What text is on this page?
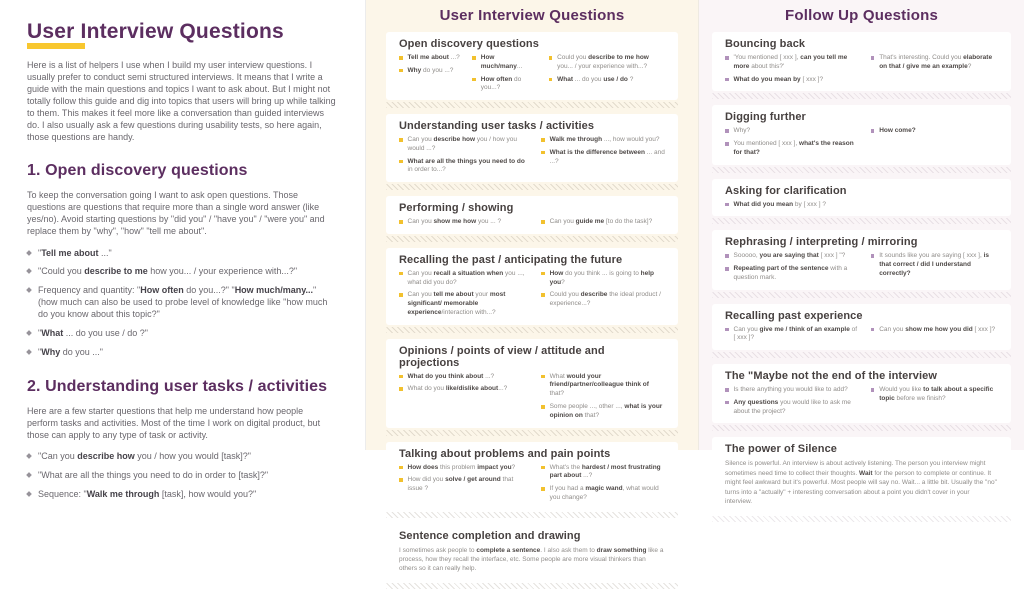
User Interview Questions

Here is a list of helpers I use when I build my user interview questions. I usually prefer to conduct semi structured interviews. It means that I write a guide with the main questions and topics I want to ask about. But I might not totally follow this guide and dig into topics that users will bring up while talking to them. This makes it feel more like a conversation than guided interviews do. I also usually ask a few questions during usability tests, so here again, those questions are handy.

1. Open discovery questions

To keep the conversation going I want to ask open questions. Those questions are questions that require more than a single word answer (like yes/no). Avoid starting questions by "did you" / "have you" / "were you" and replace them by "why", "how" "tell me about".

"Tell me about ..."
"Could you describe to me how you... / your experience with...?"
Frequency and quantity: "How often do you...?" "How much/many..." (how much can also be used to probe level of knowledge like "how much do you know about this topic?"
"What ... do you use / do ?"
"Why do you ..."
2. Understanding user tasks / activities

Here are a few starter questions that help me understand how people perform tasks and activities. Most of the time I work on digital product, but those can apply to any type of task or activity.

"Can you describe how you / how you would [task]?"
"What are all the things you need to do in order to [task]?"
Sequence: "Walk me through [task], how would you?"
User Interview Questions
Open discovery questions
Tell me about ...?
Why do you ...?
How much/many...
How often do you...?
Could you describe to me how you... / your experience with...?
What ... do you use / do ?
Understanding user tasks / activities
Can you describe how you / how you would ...?
What are all the things you need to do in order to...?
Walk me through ..., how would you?
What is the difference between ... and ...?
Performing / showing
Can you show me how you ... ?	Can you guide me [to do the task]?
Recalling the past / anticipating the future
Can you recall a situation when you ..., what did you do?
Can you tell me about your most significant/ memorable experience/interaction with...?
How do you think ... is going to help you?
Could you describe the ideal product / experience...?
Opinions / points of view / attitude and projections
What do you think about ...?
What do you like/dislike about...?
What would your friend/partner/colleague think of that?
Some people ..., other ..., what is your opinion on that?
Talking about problems and pain points
How does this problem impact you?
How did you solve / get around that issue ?
What's the hardest / most frustrating part about ...?
If you had a magic wand, what would you change?
Sentence completion and drawing

I sometimes ask people to complete a sentence. I also ask them to draw something like a process, how they recall the interface, etc. Some people are more visual thinkers than others so it can really help.

Follow Up Questions
Bouncing back
'You mentioned [ xxx ], can you tell me more about this?'
What do you mean by [ xxx ]?
That's interesting. Could you elaborate on that / give me an example?
Digging further
Why?
You mentioned [ xxx ], what's the reason for that?
How come?
Asking for clarification
What did you mean by [ xxx ] ?
Rephrasing / interpreting / mirroring
Sooooo, you are saying that [ xxx ] "?
Repeating part of the sentence with a question mark.
It sounds like you are saying [ xxx ], is that correct / did I understand correctly?
Recalling past experience
Can you give me / think of an example of [ xxx ]?
Can you show me how you did [ xxx ]?
The "Maybe not the end of the interview
Is there anything you would like to add?
Any questions you would like to ask me about the project?
Would you like to talk about a specific topic before we finish?
The power of Silence

Silence is powerful. An interview is about actively listening. The person you interview might sometimes need time to collect their thoughts. Wait for the person to complete or continue. It might feel awkward but it's powerful. Most people will say no. Wait... a little bit. Usually the "no" turns into a "actually" + interesting conversation about a point you didn't cover in your interview.
